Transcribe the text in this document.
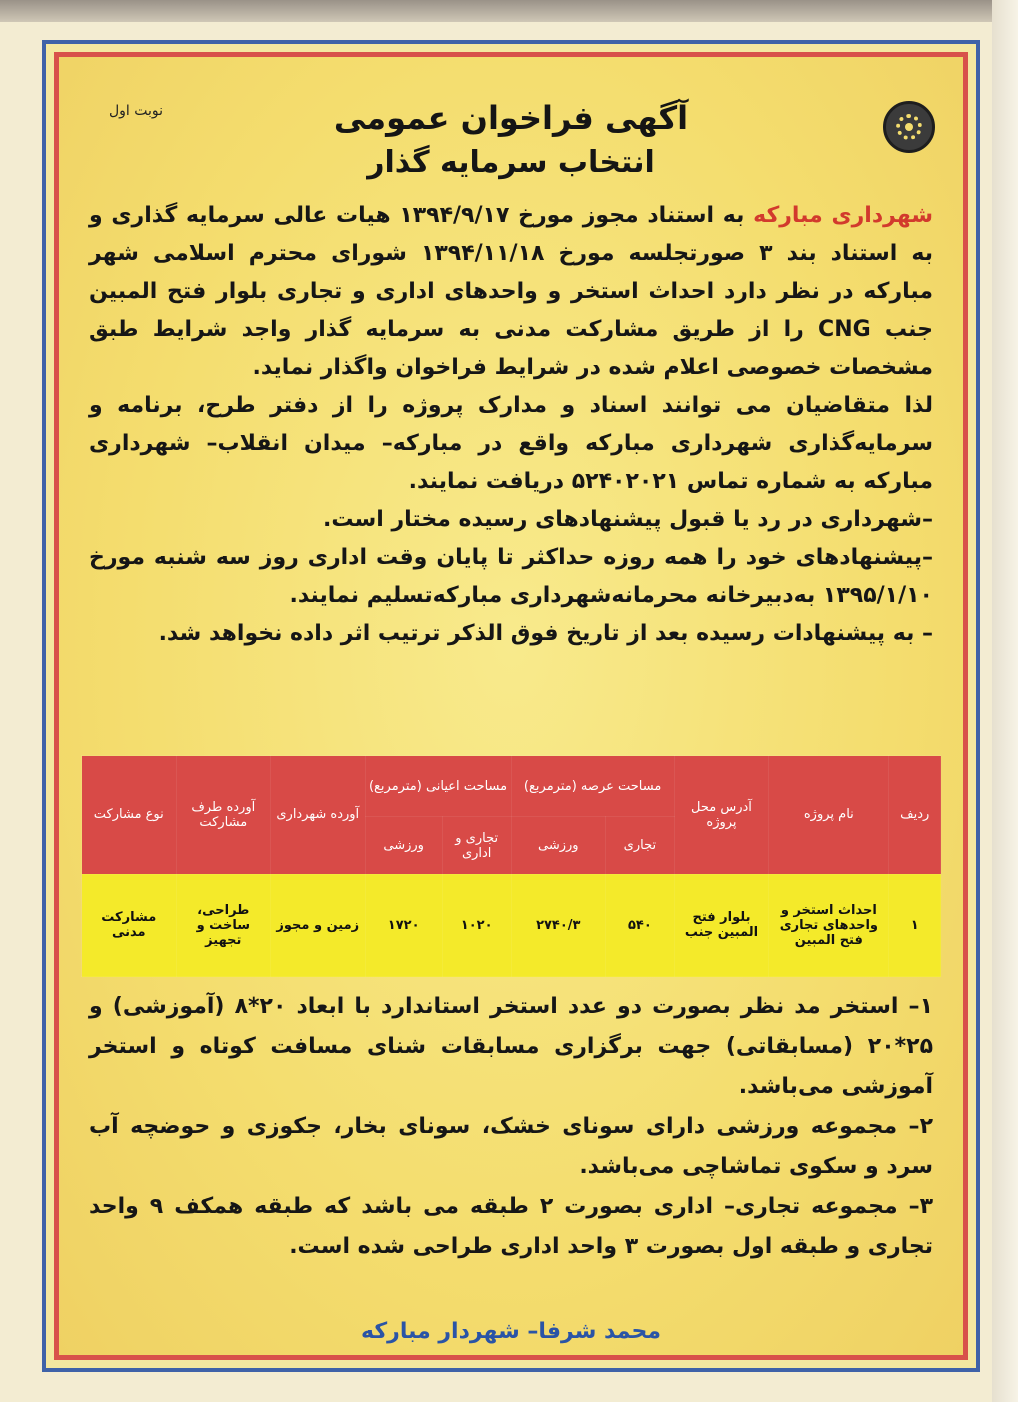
نوبت اول	آگهی فراخوان عمومی
انتخاب سرمایه گذار

شهرداری مبارکه به استناد مجوز مورخ ۱۳۹۴/۹/۱۷ هیات عالی سرمایه گذاری و به استناد بند ۳ صورتجلسه مورخ ۱۳۹۴/۱۱/۱۸ شورای محترم اسلامی شهر مبارکه در نظر دارد احداث استخر و واحدهای اداری و تجاری بلوار فتح المبین جنب CNG را از طریق مشارکت مدنی به سرمایه گذار واجد شرایط طبق مشخصات خصوصی اعلام شده در شرایط فراخوان واگذار نماید.

لذا متقاضیان می توانند اسناد و مدارک پروژه را از دفتر طرح، برنامه و سرمایه‌گذاری شهرداری مبارکه واقع در مبارکه– میدان انقلاب– شهرداری مبارکه به شماره تماس ۵۲۴۰۲۰۲۱ دریافت نمایند.

–شهرداری در رد یا قبول پیشنهادهای رسیده مختار است.

–پیشنهادهای خود را همه روزه حداکثر تا پایان وقت اداری روز سه شنبه مورخ ۱۳۹۵/۱/۱۰ به‌دبیرخانه محرمانه‌شهرداری مبارکه‌تسلیم نمایند.

– به پیشنهادات رسیده بعد از تاریخ فوق الذکر ترتیب اثر داده نخواهد شد.

ردیف	نام پروژه	آدرس محل پروژه	مساحت عرصه (مترمربع)		مساحت اعیانی (مترمربع)		آورده شهرداری	آورده طرف مشارکت	نوع مشارکت
			تجاری	ورزشی	تجاری و اداری	ورزشی			
۱	احداث استخر و واحدهای تجاری فتح المبین	بلوار فتح المبین جنب	۵۴۰	۲۷۴۰/۳	۱۰۲۰	۱۷۲۰	زمین و مجوز	طراحی، ساخت و تجهیز	مشارکت مدنی

۱– استخر مد نظر بصورت دو عدد استخر استاندارد با ابعاد ۲۰*۸ (آموزشی) و ۲۵*۲۰ (مسابقاتی) جهت برگزاری مسابقات شنای مسافت کوتاه و استخر آموزشی می‌باشد.

۲– مجموعه ورزشی دارای سونای خشک، سونای بخار، جکوزی و حوضچه آب سرد و سکوی تماشاچی می‌باشد.

۳– مجموعه تجاری– اداری بصورت ۲ طبقه می باشد که طبقه همکف ۹ واحد تجاری و طبقه اول بصورت ۳ واحد اداری طراحی شده است.

محمد شرفا– شهردار مبارکه
